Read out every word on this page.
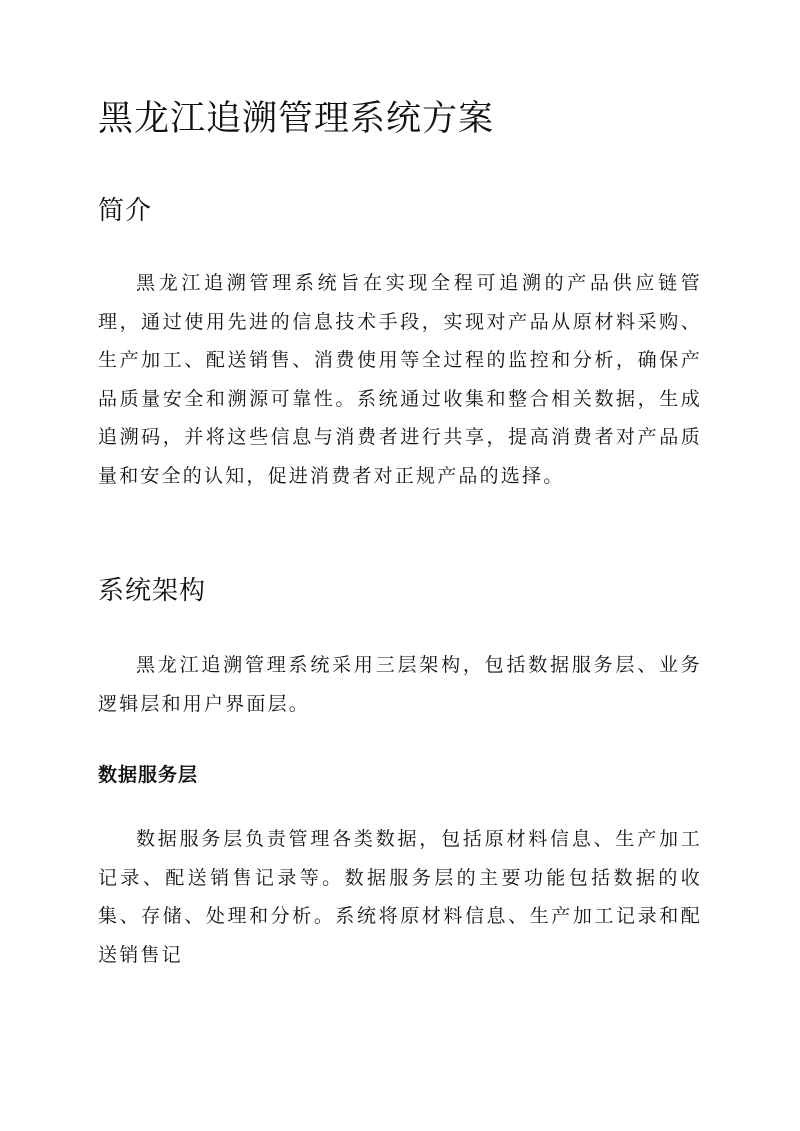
黑龙江追溯管理系统方案
简介

黑龙江追溯管理系统旨在实现全程可追溯的产品供应链管理，通过使用先进的信息技术手段，实现对产品从原材料采购、生产加工、配送销售、消费使用等全过程的监控和分析，确保产品质量安全和溯源可靠性。系统通过收集和整合相关数据，生成追溯码，并将这些信息与消费者进行共享，提高消费者对产品质量和安全的认知，促进消费者对正规产品的选择。

系统架构

黑龙江追溯管理系统采用三层架构，包括数据服务层、业务逻辑层和用户界面层。

数据服务层

数据服务层负责管理各类数据，包括原材料信息、生产加工记录、配送销售记录等。数据服务层的主要功能包括数据的收集、存储、处理和分析。系统将原材料信息、生产加工记录和配送销售记
